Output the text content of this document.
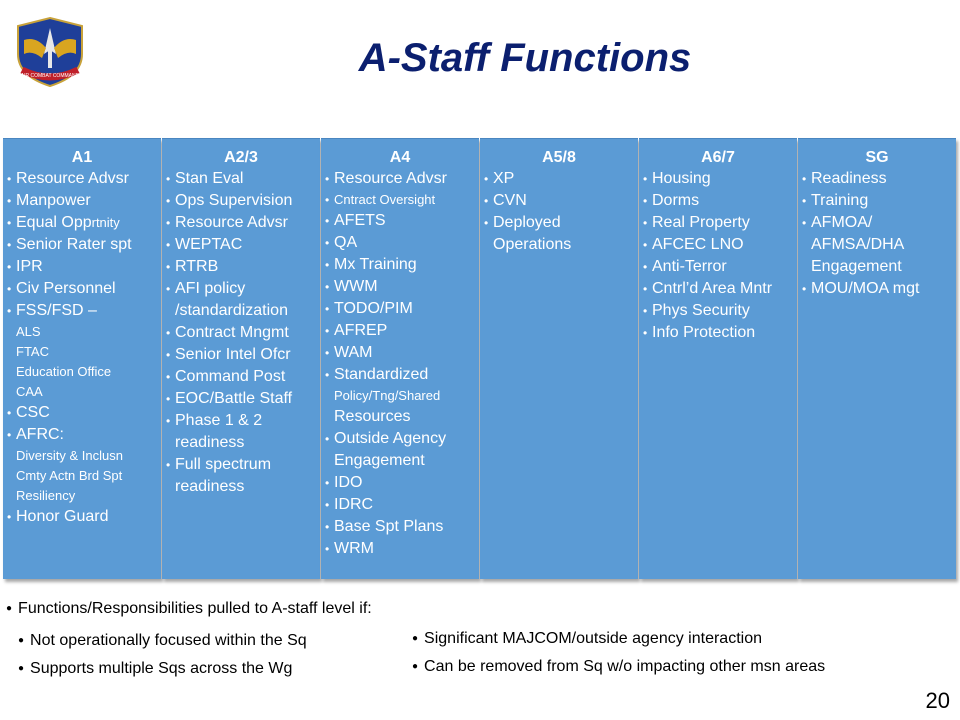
AIR COMBAT COMMAND	A-Staff Functions
A1
• Resource Advsr
• Manpower
• Equal Opprtnity
• Senior Rater spt
• IPR
• Civ Personnel
• FSS/FSD –
ALS
FTAC
Education Office
CAA
• CSC
• AFRC:
Diversity & Inclusn
Cmty Actn Brd Spt
Resiliency
• Honor Guard
A2/3
• Stan Eval
• Ops Supervision
• Resource Advsr
• WEPTAC
• RTRB
• AFI policy
/standardization
• Contract Mngmt
• Senior Intel Ofcr
• Command Post
• EOC/Battle Staff
• Phase 1 & 2
readiness
• Full spectrum
readiness
A4
• Resource Advsr
• Cntract Oversight
• AFETS
• QA
• Mx Training
• WWM
• TODO/PIM
• AFREP
• WAM
• Standardized
Policy/Tng/Shared
Resources
• Outside Agency
Engagement
• IDO
• IDRC
• Base Spt Plans
• WRM
A5/8
• XP
• CVN
• Deployed
Operations
A6/7
• Housing
• Dorms
• Real Property
• AFCEC LNO
• Anti-Terror
• Cntrl’d Area Mntr
• Phys Security
• Info Protection
SG
• Readiness
• Training
• AFMOA/
AFMSA/DHA
Engagement
• MOU/MOA mgt
● Functions/Responsibilities pulled to A-staff level if:
● Not operationally focused within the Sq
● Supports multiple Sqs across the Wg
● Significant MAJCOM/outside agency interaction
● Can be removed from Sq w/o impacting other msn areas
20
